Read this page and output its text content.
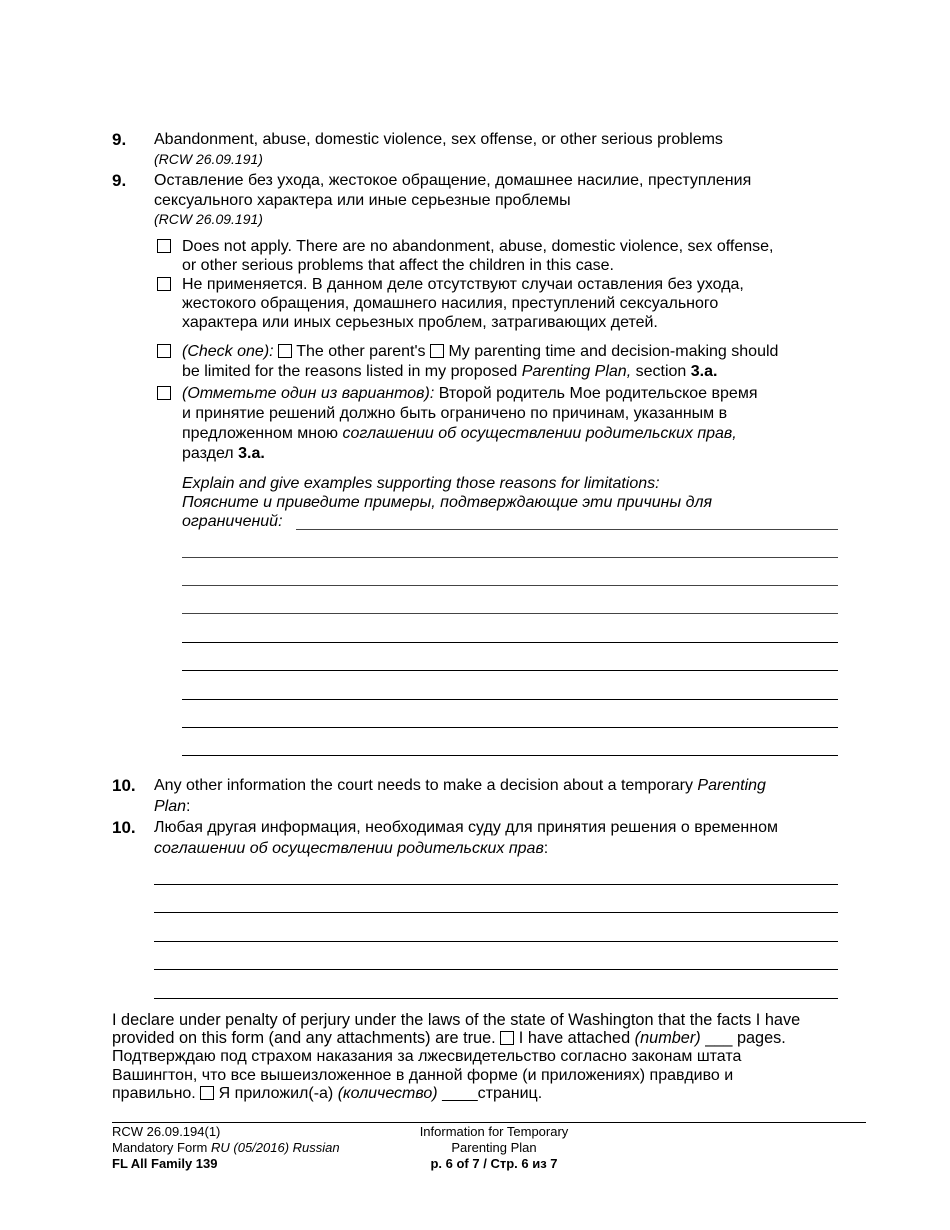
9. Abandonment, abuse, domestic violence, sex offense, or other serious problems
(RCW 26.09.191)
9. Оставление без ухода, жестокое обращение, домашнее насилие, преступления
сексуального характера или иные серьезные проблемы
(RCW 26.09.191)
Does not apply. There are no abandonment, abuse, domestic violence, sex offense,
or other serious problems that affect the children in this case.
Не применяется. В данном деле отсутствуют случаи оставления без ухода,
жестокого обращения, домашнего насилия, преступлений сексуального
характера или иных серьезных проблем, затрагивающих детей.
(Check one): The other parent's My parenting time and decision-making should
be limited for the reasons listed in my proposed Parenting Plan, section 3.a.
(Отметьте один из вариантов): Второй родитель Мое родительское время
и принятие решений должно быть ограничено по причинам, указанным в
предложенном мною соглашении об осуществлении родительских прав,
раздел 3.a.
Explain and give examples supporting those reasons for limitations:
Поясните и приведите примеры, подтверждающие эти причины для
ограничений:
10. Any other information the court needs to make a decision about a temporary Parenting
Plan:
10. Любая другая информация, необходимая суду для принятия решения о временном
соглашении об осуществлении родительских прав:
I declare under penalty of perjury under the laws of the state of Washington that the facts I have
provided on this form (and any attachments) are true. I have attached (number) ___ pages.
Подтверждаю под страхом наказания за лжесвидетельство согласно законам штата
Вашингтон, что все вышеизложенное в данной форме (и приложениях) правдиво и
правильно. Я приложил(-а) (количество) ____страниц.
RCW 26.09.194(1)
Mandatory Form RU (05/2016) Russian
FL All Family 139
Information for Temporary
Parenting Plan
p. 6 of 7 / Стр. 6 из 7
